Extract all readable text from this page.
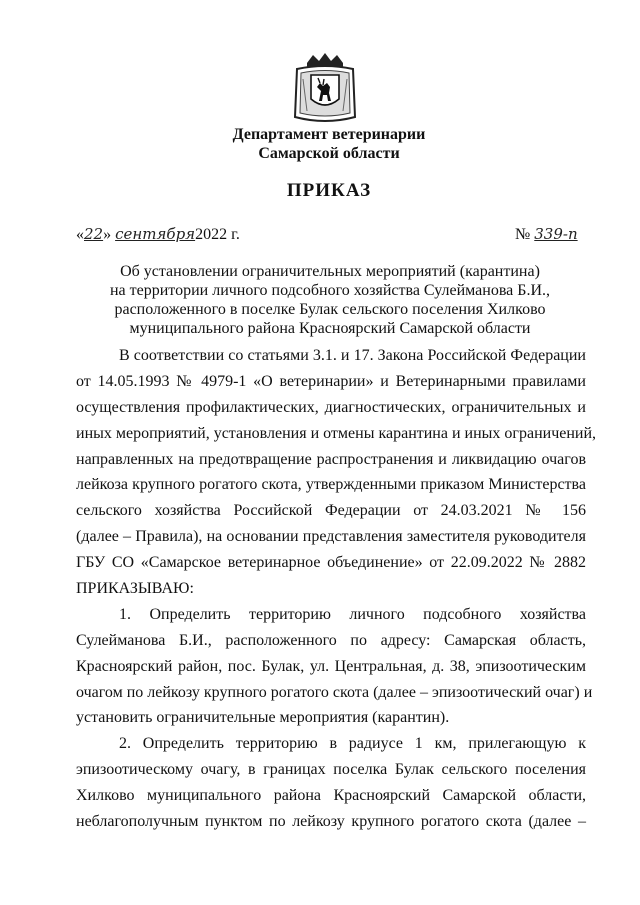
Департамент ветеринарии
Самарской области
ПРИКАЗ
«22» сентября2022 г.	№ 339-п
Об установлении ограничительных мероприятий (карантина)
на территории личного подсобного хозяйства Сулейманова Б.И.,
расположенного в поселке Булак сельского поселения Хилково
муниципального района Красноярский Самарской области
В соответствии со статьями 3.1. и 17. Закона Российской Федерации
от 14.05.1993 № 4979-1 «О ветеринарии» и Ветеринарными правилами
осуществления профилактических, диагностических, ограничительных и
иных мероприятий, установления и отмены карантина и иных ограничений,
направленных на предотвращение распространения и ликвидацию очагов
лейкоза крупного рогатого скота, утвержденными приказом Министерства
сельского хозяйства Российской Федерации от 24.03.2021 № 156
(далее – Правила), на основании представления заместителя руководителя
ГБУ СО «Самарское ветеринарное объединение» от 22.09.2022 № 2882
ПРИКАЗЫВАЮ:
1. Определить территорию личного подсобного хозяйства
Сулейманова Б.И., расположенного по адресу: Самарская область,
Красноярский район, пос. Булак, ул. Центральная, д. 38, эпизоотическим
очагом по лейкозу крупного рогатого скота (далее – эпизоотический очаг) и
установить ограничительные мероприятия (карантин).
2. Определить территорию в радиусе 1 км, прилегающую к
эпизоотическому очагу, в границах поселка Булак сельского поселения
Хилково муниципального района Красноярский Самарской области,
неблагополучным пунктом по лейкозу крупного рогатого скота (далее –
